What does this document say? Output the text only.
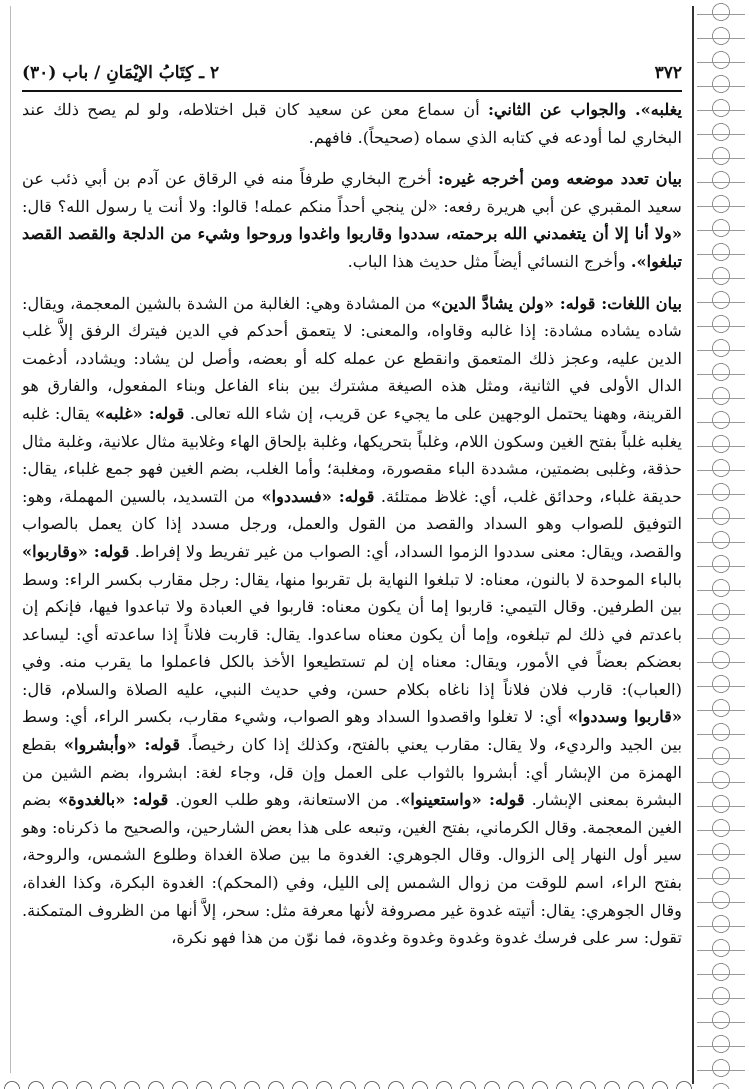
٢ ـ كِتَابُ الإيْمَانِ / باب (٣٠)	٣٧٢

يغلبه». والجواب عن الثاني: أن سماع معن عن سعيد كان قبل اختلاطه، ولو لم يصح ذلك عند البخاري لما أودعه في كتابه الذي سماه (صحيحاً). فافهم.

بيان تعدد موضعه ومن أخرجه غيره: أخرج البخاري طرفاً منه في الرقاق عن آدم بن أبي ذئب عن سعيد المقبري عن أبي هريرة رفعه: «لن ينجي أحداً منكم عمله! قالوا: ولا أنت يا رسول الله؟ قال: «ولا أنا إلا أن يتغمدني الله برحمته، سددوا وقاربوا واغدوا وروحوا وشيء من الدلجة والقصد القصد تبلغوا». وأخرج النسائي أيضاً مثل حديث هذا الباب.

بيان اللغات: قوله: «ولن يشادَّ الدين» من المشادة وهي: الغالبة من الشدة بالشين المعجمة، ويقال: شاده يشاده مشادة: إذا غالبه وقاواه، والمعنى: لا يتعمق أحدكم في الدين فيترك الرفق إلاَّ غلب الدين عليه، وعجز ذلك المتعمق وانقطع عن عمله كله أو بعضه، وأصل لن يشاد: ويشادد، أدغمت الدال الأولى في الثانية، ومثل هذه الصيغة مشترك بين بناء الفاعل وبناء المفعول، والفارق هو القرينة، وههنا يحتمل الوجهين على ما يجيء عن قريب، إن شاء الله تعالى. قوله: «غلبه» يقال: غلبه يغلبه غلباً بفتح الغين وسكون اللام، وغلباً بتحريكها، وغلبة بإلحاق الهاء وغلابية مثال علانية، وغلبة مثال حذقة، وغلبى بضمتين، مشددة الباء مقصورة، ومغلبة؛ وأما الغلب، بضم الغين فهو جمع غلباء، يقال: حديقة غلباء، وحدائق غلب، أي: غلاظ ممتلئة. قوله: «فسددوا» من التسديد، بالسين المهملة، وهو: التوفيق للصواب وهو السداد والقصد من القول والعمل، ورجل مسدد إذا كان يعمل بالصواب والقصد، ويقال: معنى سددوا الزموا السداد، أي: الصواب من غير تفريط ولا إفراط. قوله: «وقاربوا» بالباء الموحدة لا بالنون، معناه: لا تبلغوا النهاية بل تقربوا منها، يقال: رجل مقارب بكسر الراء: وسط بين الطرفين. وقال التيمي: قاربوا إما أن يكون معناه: قاربوا في العبادة ولا تباعدوا فيها، فإنكم إن باعدتم في ذلك لم تبلغوه، وإما أن يكون معناه ساعدوا. يقال: قاربت فلاناً إذا ساعدته أي: ليساعد بعضكم بعضاً في الأمور، ويقال: معناه إن لم تستطيعوا الأخذ بالكل فاعملوا ما يقرب منه. وفي (العباب): قارب فلان فلاناً إذا ناغاه بكلام حسن، وفي حديث النبي، عليه الصلاة والسلام، قال: «قاربوا وسددوا» أي: لا تغلوا واقصدوا السداد وهو الصواب، وشيء مقارب، بكسر الراء، أي: وسط بين الجيد والرديء، ولا يقال: مقارب يعني بالفتح، وكذلك إذا كان رخيصاً. قوله: «وأبشروا» بقطع الهمزة من الإبشار أي: أبشروا بالثواب على العمل وإن قل، وجاء لغة: ابشروا، بضم الشين من البشرة بمعنى الإبشار. قوله: «واستعينوا». من الاستعانة، وهو طلب العون. قوله: «بالغدوة» بضم الغين المعجمة. وقال الكرماني، بفتح الغين، وتبعه على هذا بعض الشارحين، والصحيح ما ذكرناه: وهو سير أول النهار إلى الزوال. وقال الجوهري: الغدوة ما بين صلاة الغداة وطلوع الشمس، والروحة، بفتح الراء، اسم للوقت من زوال الشمس إلى الليل، وفي (المحكم): الغدوة البكرة، وكذا الغداة، وقال الجوهري: يقال: أتيته غدوة غير مصروفة لأنها معرفة مثل: سحر، إلاَّ أنها من الظروف المتمكنة. تقول: سر على فرسك غدوة وغدوة وغدوة وغدوة، فما نوّن من هذا فهو نكرة،
